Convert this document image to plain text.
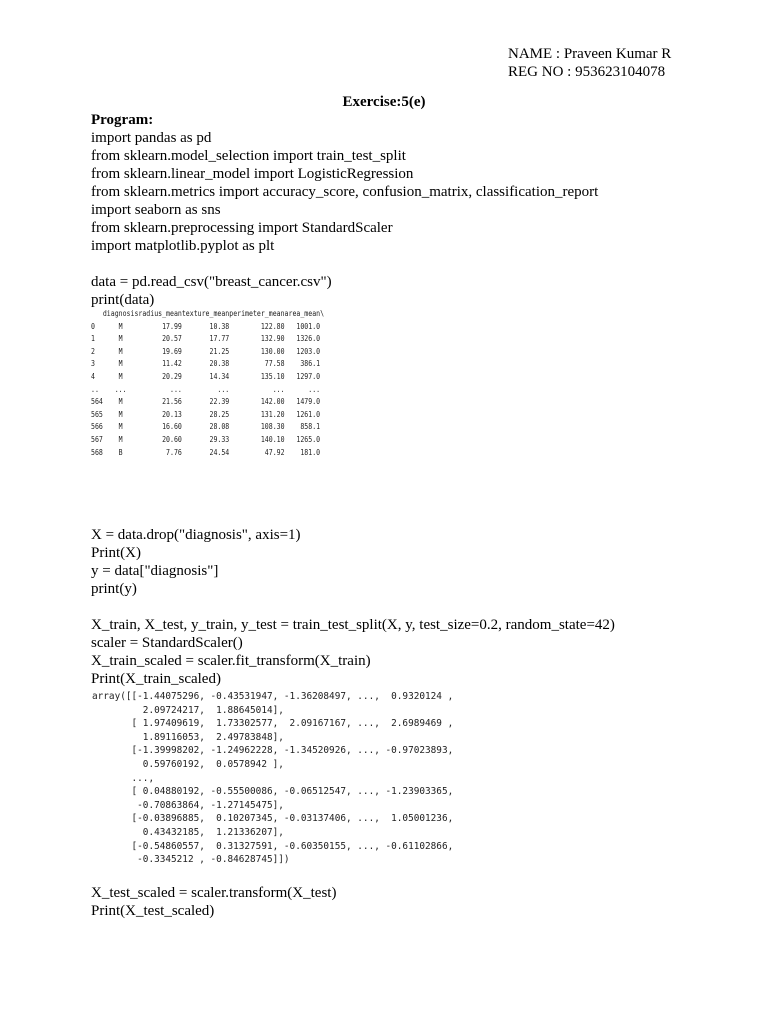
NAME : Praveen Kumar R
REG NO : 953623104078
Exercise:5(e)
Program:
import pandas as pd
from sklearn.model_selection import train_test_split
from sklearn.linear_model import LogisticRegression
from sklearn.metrics import accuracy_score, confusion_matrix, classification_report
import seaborn as sns
from sklearn.preprocessing import StandardScaler
import matplotlib.pyplot as plt
data = pd.read_csv("breast_cancer.csv")
print(data)
	diagnosis	radius_mean	texture_mean	perimeter_mean	area_mean	\
0	M	17.99	10.38	122.80	1001.0	
1	M	20.57	17.77	132.90	1326.0	
2	M	19.69	21.25	130.00	1203.0	
3	M	11.42	20.38	77.58	386.1	
4	M	20.29	14.34	135.10	1297.0	
..	...	...	...	...	...	
564	M	21.56	22.39	142.00	1479.0	
565	M	20.13	28.25	131.20	1261.0	
566	M	16.60	28.08	108.30	858.1	
567	M	20.60	29.33	140.10	1265.0	
568	B	7.76	24.54	47.92	181.0	
X = data.drop("diagnosis", axis=1)
Print(X)
y = data["diagnosis"]
print(y)
X_train, X_test, y_train, y_test = train_test_split(X, y, test_size=0.2, random_state=42)
scaler = StandardScaler()
X_train_scaled = scaler.fit_transform(X_train)
Print(X_train_scaled)
array([[-1.44075296, -0.43531947, -1.36208497, ...,  0.9320124 ,
2.09724217,  1.88645014],
[ 1.97409619,  1.73302577,  2.09167167, ...,  2.6989469 ,
1.89116053,  2.49783848],
[-1.39998202, -1.24962228, -1.34520926, ..., -0.97023893,
0.59760192,  0.0578942 ],
...,
[ 0.04880192, -0.55500086, -0.06512547, ..., -1.23903365,
-0.70863864, -1.27145475],
[-0.03896885,  0.10207345, -0.03137406, ...,  1.05001236,
0.43432185,  1.21336207],
[-0.54860557,  0.31327591, -0.60350155, ..., -0.61102866,
-0.3345212 , -0.84628745]])
X_test_scaled = scaler.transform(X_test)
Print(X_test_scaled)
